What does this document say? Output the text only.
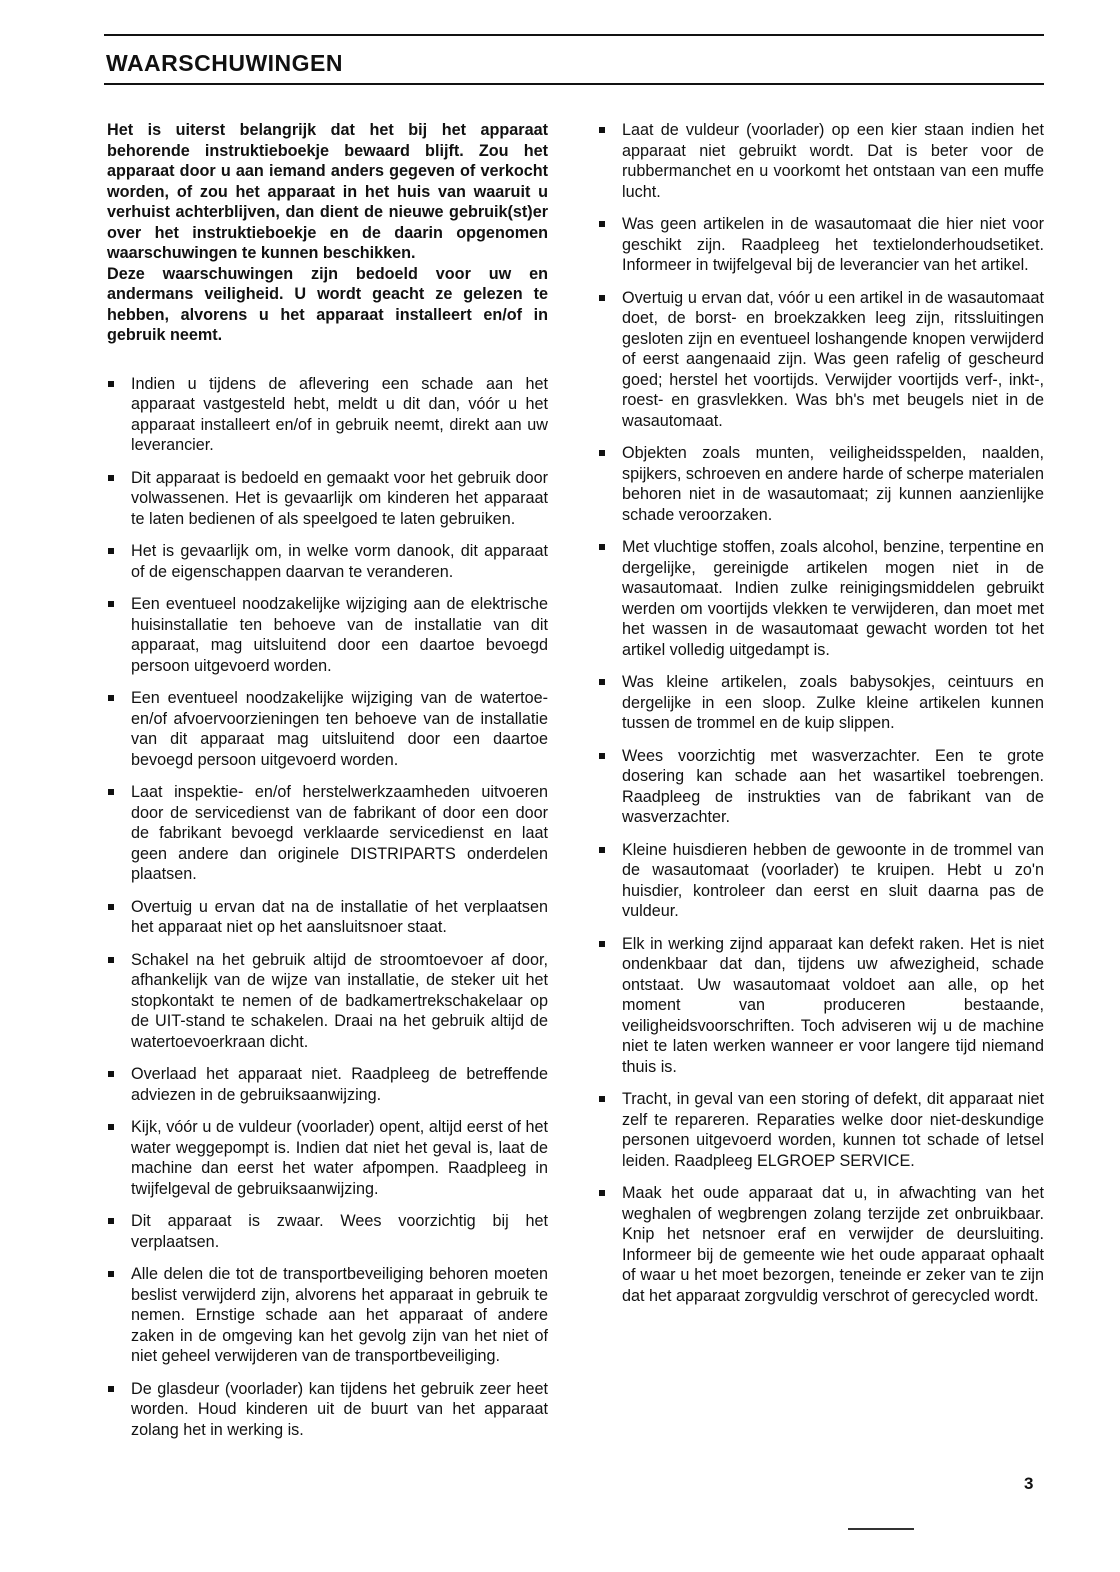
WAARSCHUWINGEN

Het is uiterst belangrijk dat het bij het apparaat behorende instruktieboekje bewaard blijft. Zou het apparaat door u aan iemand anders gegeven of verkocht worden, of zou het apparaat in het huis van waaruit u verhuist achterblijven, dan dient de nieuwe gebruik(st)er over het instruktieboekje en de daarin opgenomen waarschuwingen te kunnen beschikken.

Deze waarschuwingen zijn bedoeld voor uw en andermans veiligheid. U wordt geacht ze gelezen te hebben, alvorens u het apparaat installeert en/of in gebruik neemt.

Indien u tijdens de aflevering een schade aan het apparaat vastgesteld hebt, meldt u dit dan, vóór u het apparaat installeert en/of in gebruik neemt, direkt aan uw leverancier.
Dit apparaat is bedoeld en gemaakt voor het gebruik door volwassenen. Het is gevaarlijk om kinderen het apparaat te laten bedienen of als speelgoed te laten gebruiken.
Het is gevaarlijk om, in welke vorm danook, dit apparaat of de eigenschappen daarvan te veranderen.
Een eventueel noodzakelijke wijziging aan de elektrische huisinstallatie ten behoeve van de installatie van dit apparaat, mag uitsluitend door een daartoe bevoegd persoon uitgevoerd worden.
Een eventueel noodzakelijke wijziging van de watertoe- en/of afvoervoorzieningen ten behoeve van de installatie van dit apparaat mag uitsluitend door een daartoe bevoegd persoon uitgevoerd worden.
Laat inspektie- en/of herstelwerkzaamheden uitvoeren door de servicedienst van de fabrikant of door een door de fabrikant bevoegd verklaarde servicedienst en laat geen andere dan originele DISTRIPARTS onderdelen plaatsen.
Overtuig u ervan dat na de installatie of het verplaatsen het apparaat niet op het aansluitsnoer staat.
Schakel na het gebruik altijd de stroomtoevoer af door, afhankelijk van de wijze van installatie, de steker uit het stopkontakt te nemen of de badkamertrekschakelaar op de UIT-stand te schakelen. Draai na het gebruik altijd de watertoevoerkraan dicht.
Overlaad het apparaat niet. Raadpleeg de betreffende adviezen in de gebruiksaanwijzing.
Kijk, vóór u de vuldeur (voorlader) opent, altijd eerst of het water weggepompt is. Indien dat niet het geval is, laat de machine dan eerst het water afpompen. Raadpleeg in twijfelgeval de gebruiksaanwijzing.
Dit apparaat is zwaar. Wees voorzichtig bij het verplaatsen.
Alle delen die tot de transportbeveiliging behoren moeten beslist verwijderd zijn, alvorens het apparaat in gebruik te nemen. Ernstige schade aan het apparaat of andere zaken in de omgeving kan het gevolg zijn van het niet of niet geheel verwijderen van de transportbeveiliging.
De glasdeur (voorlader) kan tijdens het gebruik zeer heet worden. Houd kinderen uit de buurt van het apparaat zolang het in werking is.
Laat de vuldeur (voorlader) op een kier staan indien het apparaat niet gebruikt wordt. Dat is beter voor de rubbermanchet en u voorkomt het ontstaan van een muffe lucht.
Was geen artikelen in de wasautomaat die hier niet voor geschikt zijn. Raadpleeg het textielonderhoudsetiket. Informeer in twijfelgeval bij de leverancier van het artikel.
Overtuig u ervan dat, vóór u een artikel in de wasautomaat doet, de borst- en broekzakken leeg zijn, ritssluitingen gesloten zijn en eventueel loshangende knopen verwijderd of eerst aangenaaid zijn. Was geen rafelig of gescheurd goed; herstel het voortijds. Verwijder voortijds verf-, inkt-, roest- en grasvlekken. Was bh's met beugels niet in de wasautomaat.
Objekten zoals munten, veiligheidsspelden, naalden, spijkers, schroeven en andere harde of scherpe materialen behoren niet in de wasautomaat; zij kunnen aanzienlijke schade veroorzaken.
Met vluchtige stoffen, zoals alcohol, benzine, terpentine en dergelijke, gereinigde artikelen mogen niet in de wasautomaat. Indien zulke reinigingsmiddelen gebruikt werden om voortijds vlekken te verwijderen, dan moet met het wassen in de wasautomaat gewacht worden tot het artikel volledig uitgedampt is.
Was kleine artikelen, zoals babysokjes, ceintuurs en dergelijke in een sloop. Zulke kleine artikelen kunnen tussen de trommel en de kuip slippen.
Wees voorzichtig met wasverzachter. Een te grote dosering kan schade aan het wasartikel toebrengen. Raadpleeg de instrukties van de fabrikant van de wasverzachter.
Kleine huisdieren hebben de gewoonte in de trommel van de wasautomaat (voorlader) te kruipen. Hebt u zo'n huisdier, kontroleer dan eerst en sluit daarna pas de vuldeur.
Elk in werking zijnd apparaat kan defekt raken. Het is niet ondenkbaar dat dan, tijdens uw afwezigheid, schade ontstaat. Uw wasautomaat voldoet aan alle, op het moment van produceren bestaande, veiligheidsvoorschriften. Toch adviseren wij u de machine niet te laten werken wanneer er voor langere tijd niemand thuis is.
Tracht, in geval van een storing of defekt, dit apparaat niet zelf te repareren. Reparaties welke door niet-deskundige personen uitgevoerd worden, kunnen tot schade of letsel leiden. Raadpleeg ELGROEP SERVICE.
Maak het oude apparaat dat u, in afwachting van het weghalen of wegbrengen zolang terzijde zet onbruikbaar. Knip het netsnoer eraf en verwijder de deursluiting. Informeer bij de gemeente wie het oude apparaat ophaalt of waar u het moet bezorgen, teneinde er zeker van te zijn dat het apparaat zorgvuldig verschrot of gerecycled wordt.
3
